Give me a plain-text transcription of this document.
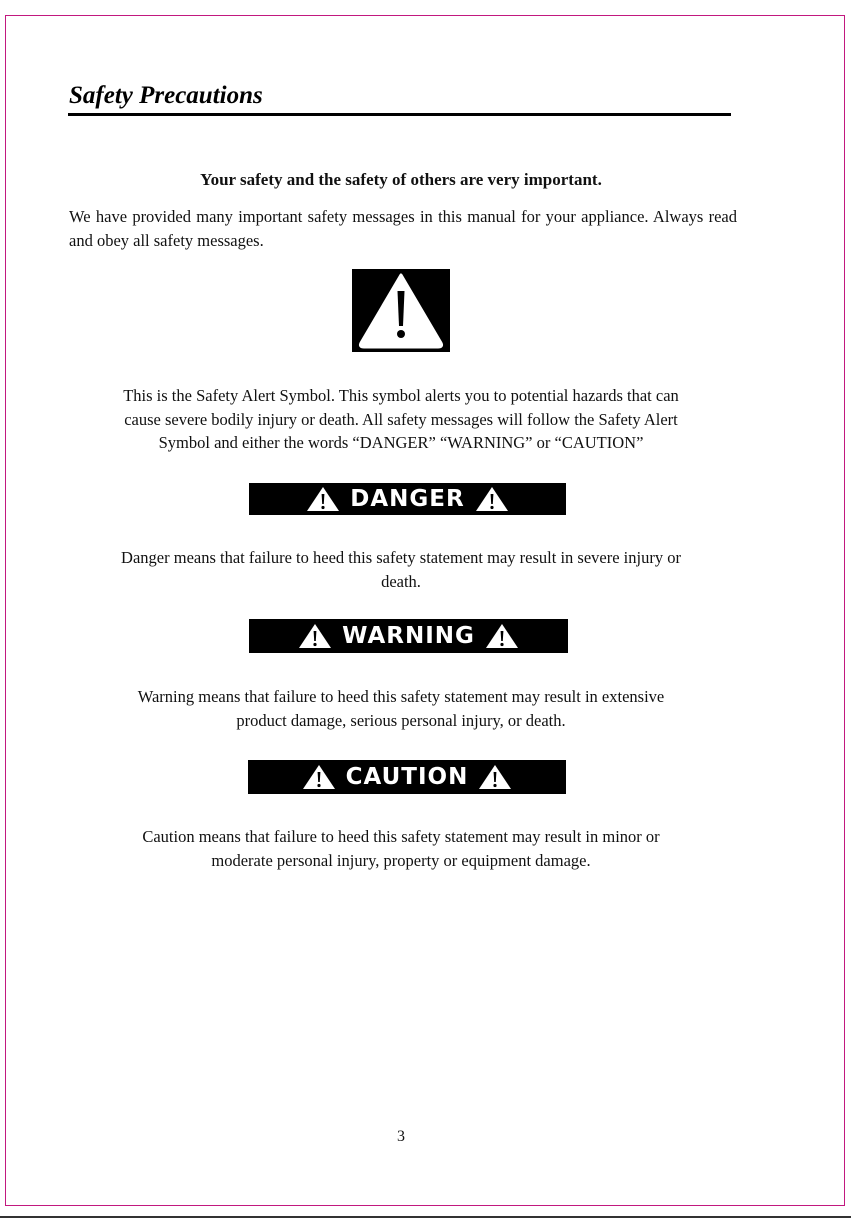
Safety Precautions

Your safety and the safety of others are very important.

We have provided many important safety messages in this manual for your appliance. Always read and obey all safety messages.

This is the Safety Alert Symbol. This symbol alerts you to potential hazards that can
cause severe bodily injury or death. All safety messages will follow the Safety Alert
Symbol and either the words “DANGER” “WARNING” or “CAUTION”

DANGER

Danger means that failure to heed this safety statement may result in severe injury or
death.

WARNING

Warning means that failure to heed this safety statement may result in extensive
product damage, serious personal injury, or death.

CAUTION

Caution means that failure to heed this safety statement may result in minor or
moderate personal injury, property or equipment damage.

3
